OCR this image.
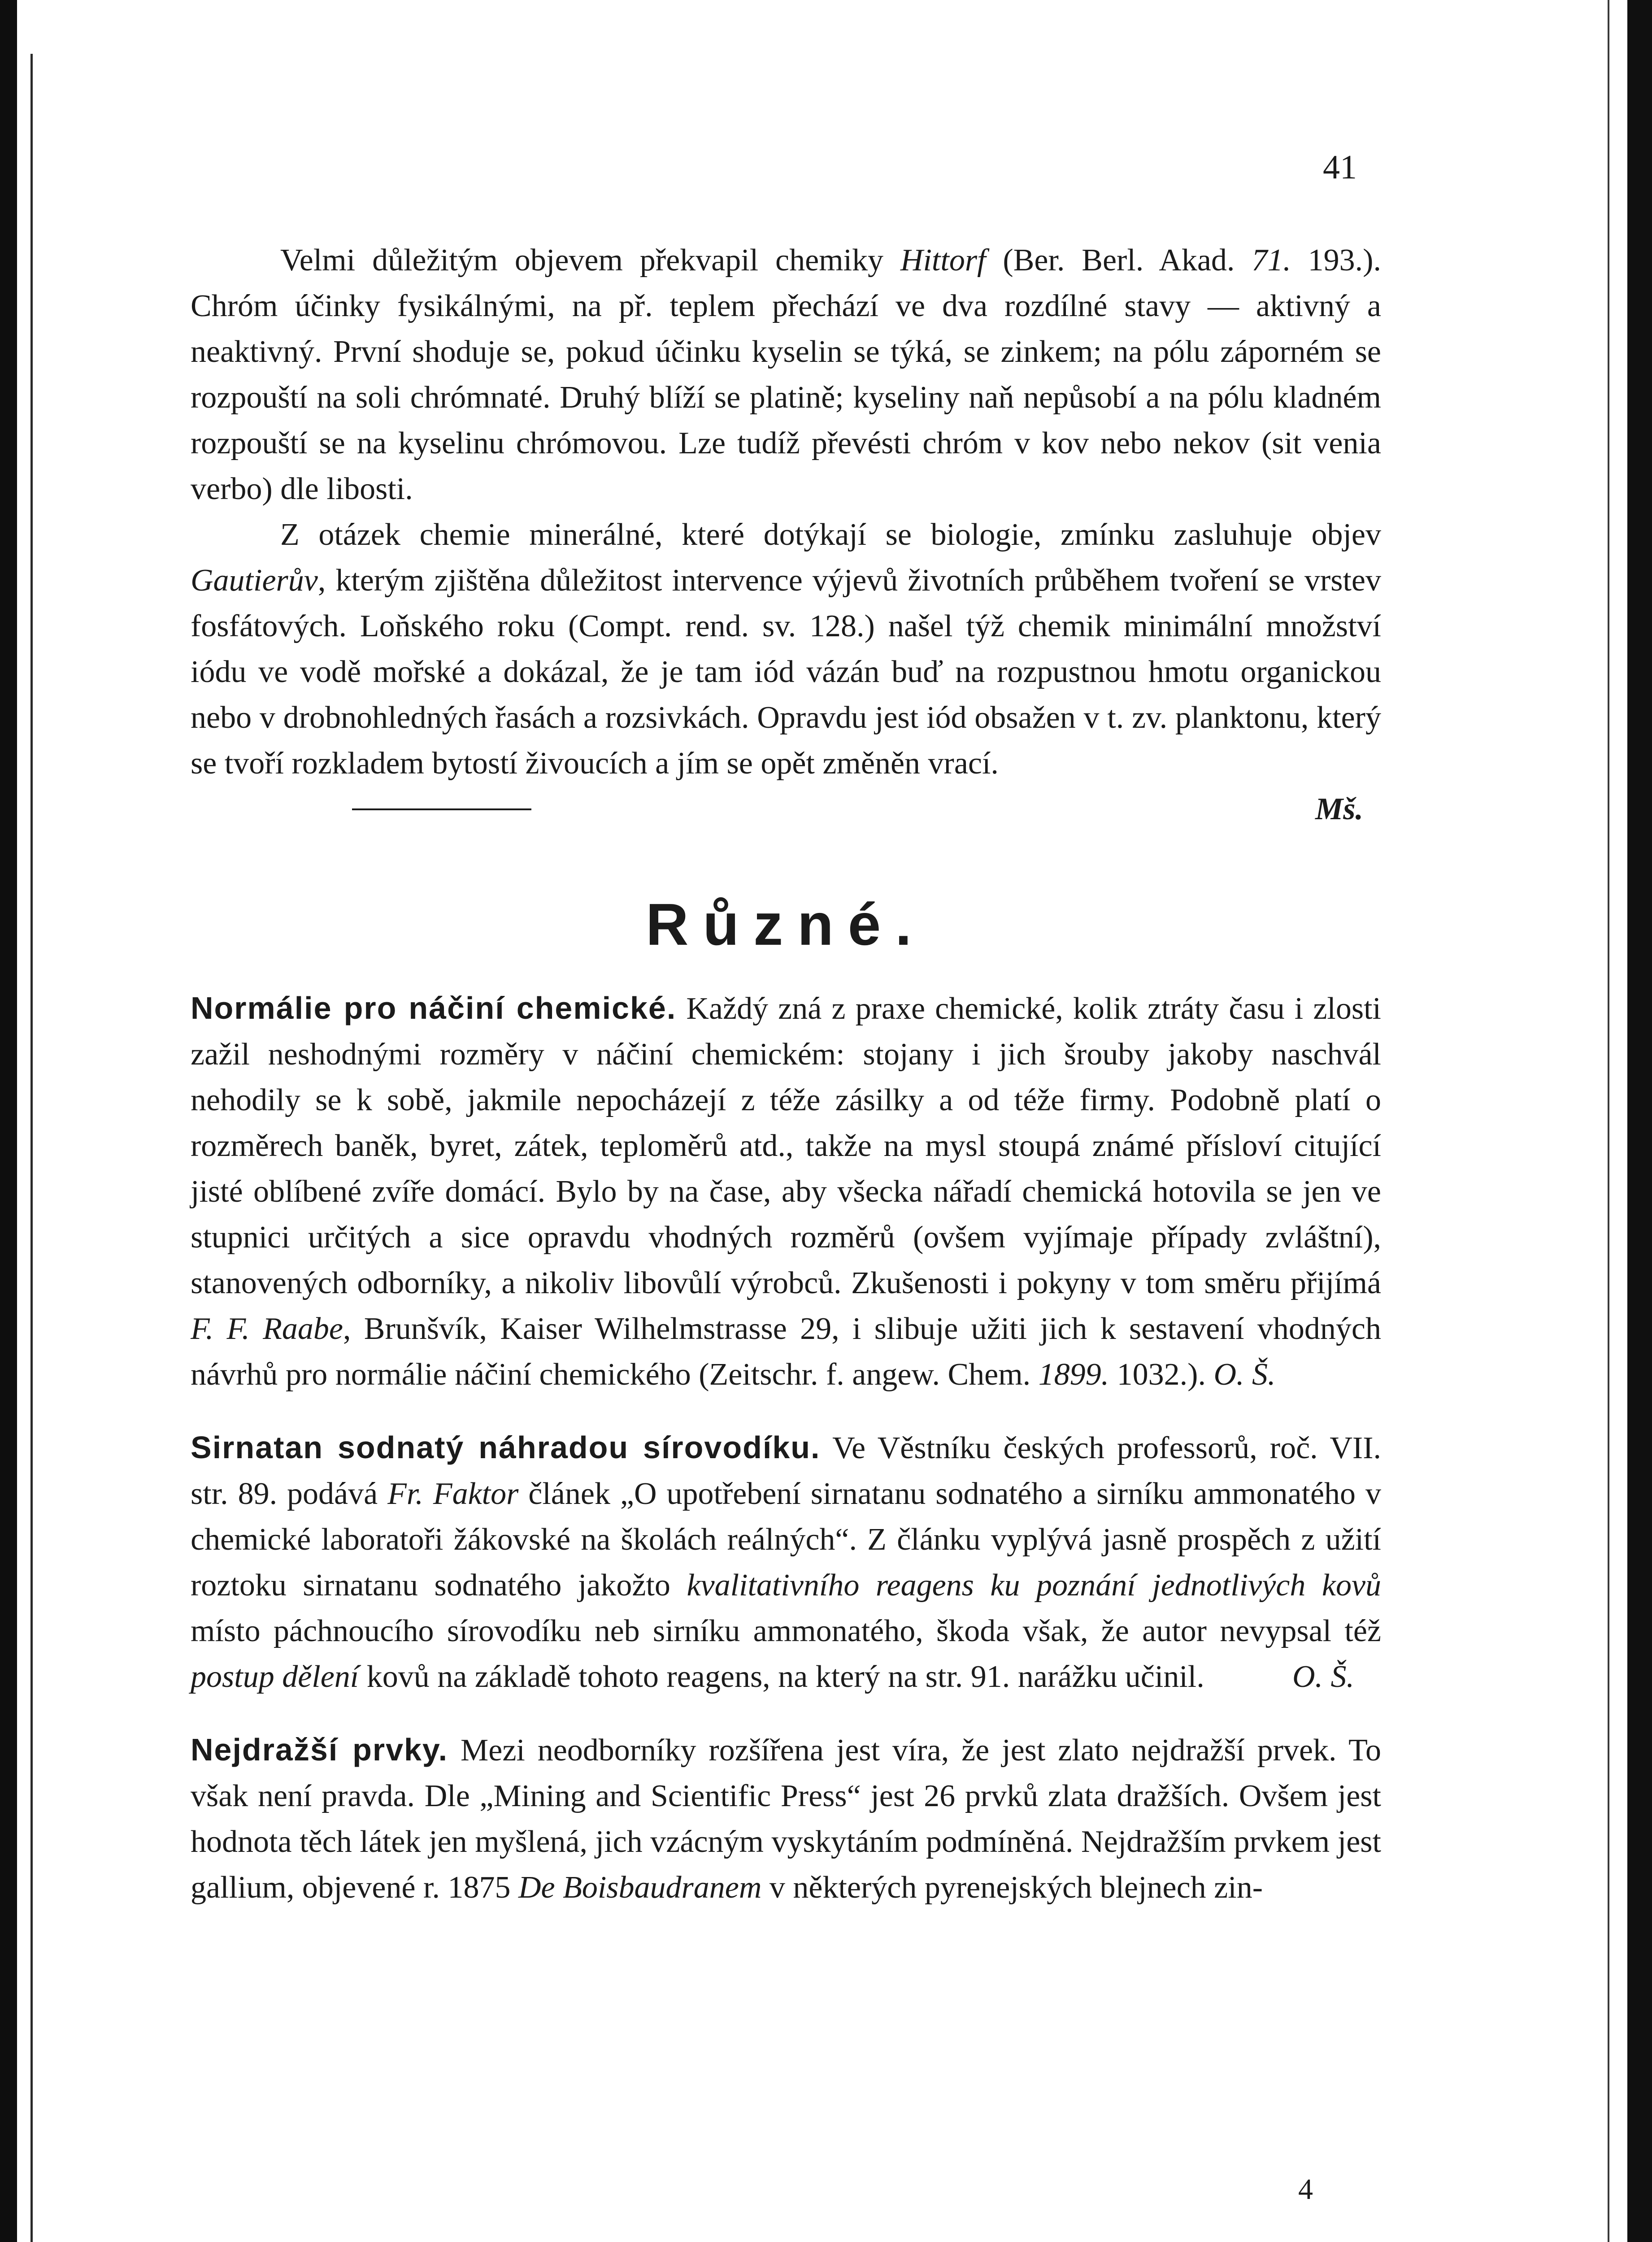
41

Velmi důležitým objevem překvapil chemiky Hittorf (Ber. Berl. Akad. 71. 193.). Chróm účinky fysikálnými, na př. teplem přechází ve dva rozdílné stavy — aktivný a neaktivný. První shoduje se, pokud účinku kyselin se týká, se zinkem; na pólu záporném se rozpouští na soli chrómnaté. Druhý blíží se platině; kyseliny naň nepůsobí a na pólu kladném rozpouští se na kyselinu chrómovou. Lze tudíž převésti chróm v kov nebo nekov (sit venia verbo) dle libosti.

Z otázek chemie minerálné, které dotýkají se biologie, zmínku zasluhuje objev Gautierův, kterým zjištěna důležitost intervence výjevů životních průběhem tvoření se vrstev fosfátových. Loňského roku (Compt. rend. sv. 128.) našel týž chemik minimální množství iódu ve vodě mořské a dokázal, že je tam iód vázán buď na rozpustnou hmotu organickou nebo v drobnohledných řasách a rozsivkách. Opravdu jest iód obsažen v t. zv. planktonu, který se tvoří rozkladem bytostí živoucích a jím se opět změněn vrací.

Mš.
Různé.

Normálie pro náčiní chemické. Každý zná z praxe chemické, kolik ztráty času i zlosti zažil neshodnými rozměry v náčiní chemickém: stojany i jich šrouby jakoby naschvál nehodily se k sobě, jakmile nepocházejí z téže zásilky a od téže firmy. Podobně platí o rozměrech baněk, byret, zátek, teploměrů atd., takže na mysl stoupá známé přísloví citující jisté oblíbené zvíře domácí. Bylo by na čase, aby všecka nářadí chemická hotovila se jen ve stupnici určitých a sice opravdu vhodných rozměrů (ovšem vyjímaje případy zvláštní), stanovených odborníky, a nikoliv libovůlí výrobců. Zkušenosti i pokyny v tom směru přijímá F. F. Raabe, Brunšvík, Kaiser Wilhelmstrasse 29, i slibuje užiti jich k sestavení vhodných návrhů pro normálie náčiní chemického (Zeitschr. f. angew. Chem. 1899. 1032.). O. Š.

Sirnatan sodnatý náhradou sírovodíku. Ve Věstníku českých professorů, roč. VII. str. 89. podává Fr. Faktor článek „O upotřebení sirnatanu sodnatého a sirníku ammonatého v chemické laboratoři žákovské na školách reálných“. Z článku vyplývá jasně prospěch z užití roztoku sirnatanu sodnatého jakožto kvalitativního reagens ku poznání jednotlivých kovů místo páchnoucího sírovodíku neb sirníku ammonatého, škoda však, že autor nevypsal též postup dělení kovů na základě tohoto reagens, na který na str. 91. narážku učinil.	O. Š.

Nejdražší prvky. Mezi neodborníky rozšířena jest víra, že jest zlato nejdražší prvek. To však není pravda. Dle „Mining and Scientific Press“ jest 26 prvků zlata dražších. Ovšem jest hodnota těch látek jen myšlená, jich vzácným vyskytáním podmíněná. Nejdražším prvkem jest gallium, objevené r. 1875 De Boisbaudranem v některých pyrenejských blejnech zin-

4
